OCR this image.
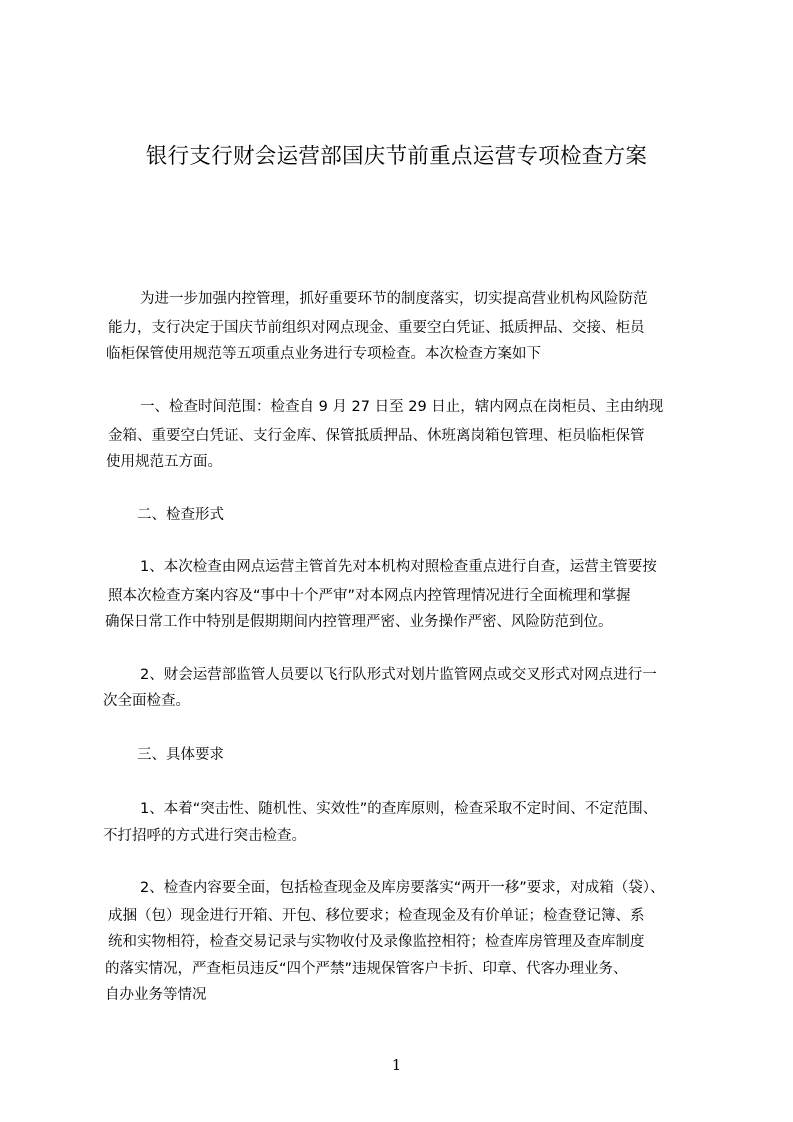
银行支行财会运营部国庆节前重点运营专项检查方案
为进一步加强内控管理，抓好重要环节的制度落实，切实提高营业机构风险防范
能力，支行决定于国庆节前组织对网点现金、重要空白凭证、抵质押品、交接、柜员
临柜保管使用规范等五项重点业务进行专项检查。本次检查方案如下
一、检查时间范围：检查自 9 月 27 日至 29 日止，辖内网点在岗柜员、主由纳现
金箱、重要空白凭证、支行金库、保管抵质押品、休班离岗箱包管理、柜员临柜保管
使用规范五方面。
二、检查形式
1、本次检查由网点运营主管首先对本机构对照检查重点进行自查，运营主管要按
照本次检查方案内容及“事中十个严审”对本网点内控管理情况进行全面梳理和掌握
确保日常工作中特别是假期期间内控管理严密、业务操作严密、风险防范到位。
2、财会运营部监管人员要以飞行队形式对划片监管网点或交叉形式对网点进行一
次全面检查。
三、具体要求
1、本着“突击性、随机性、实效性”的查库原则，检查采取不定时间、不定范围、
不打招呼的方式进行突击检查。
2、检查内容要全面，包括检查现金及库房要落实“两开一移”要求，对成箱（袋）、
成捆（包）现金进行开箱、开包、移位要求；检查现金及有价单证；检查登记簿、系
统和实物相符，检查交易记录与实物收付及录像监控相符；检查库房管理及查库制度
的落实情况，严查柜员违反“四个严禁”违规保管客户卡折、印章、代客办理业务、
自办业务等情况
1
